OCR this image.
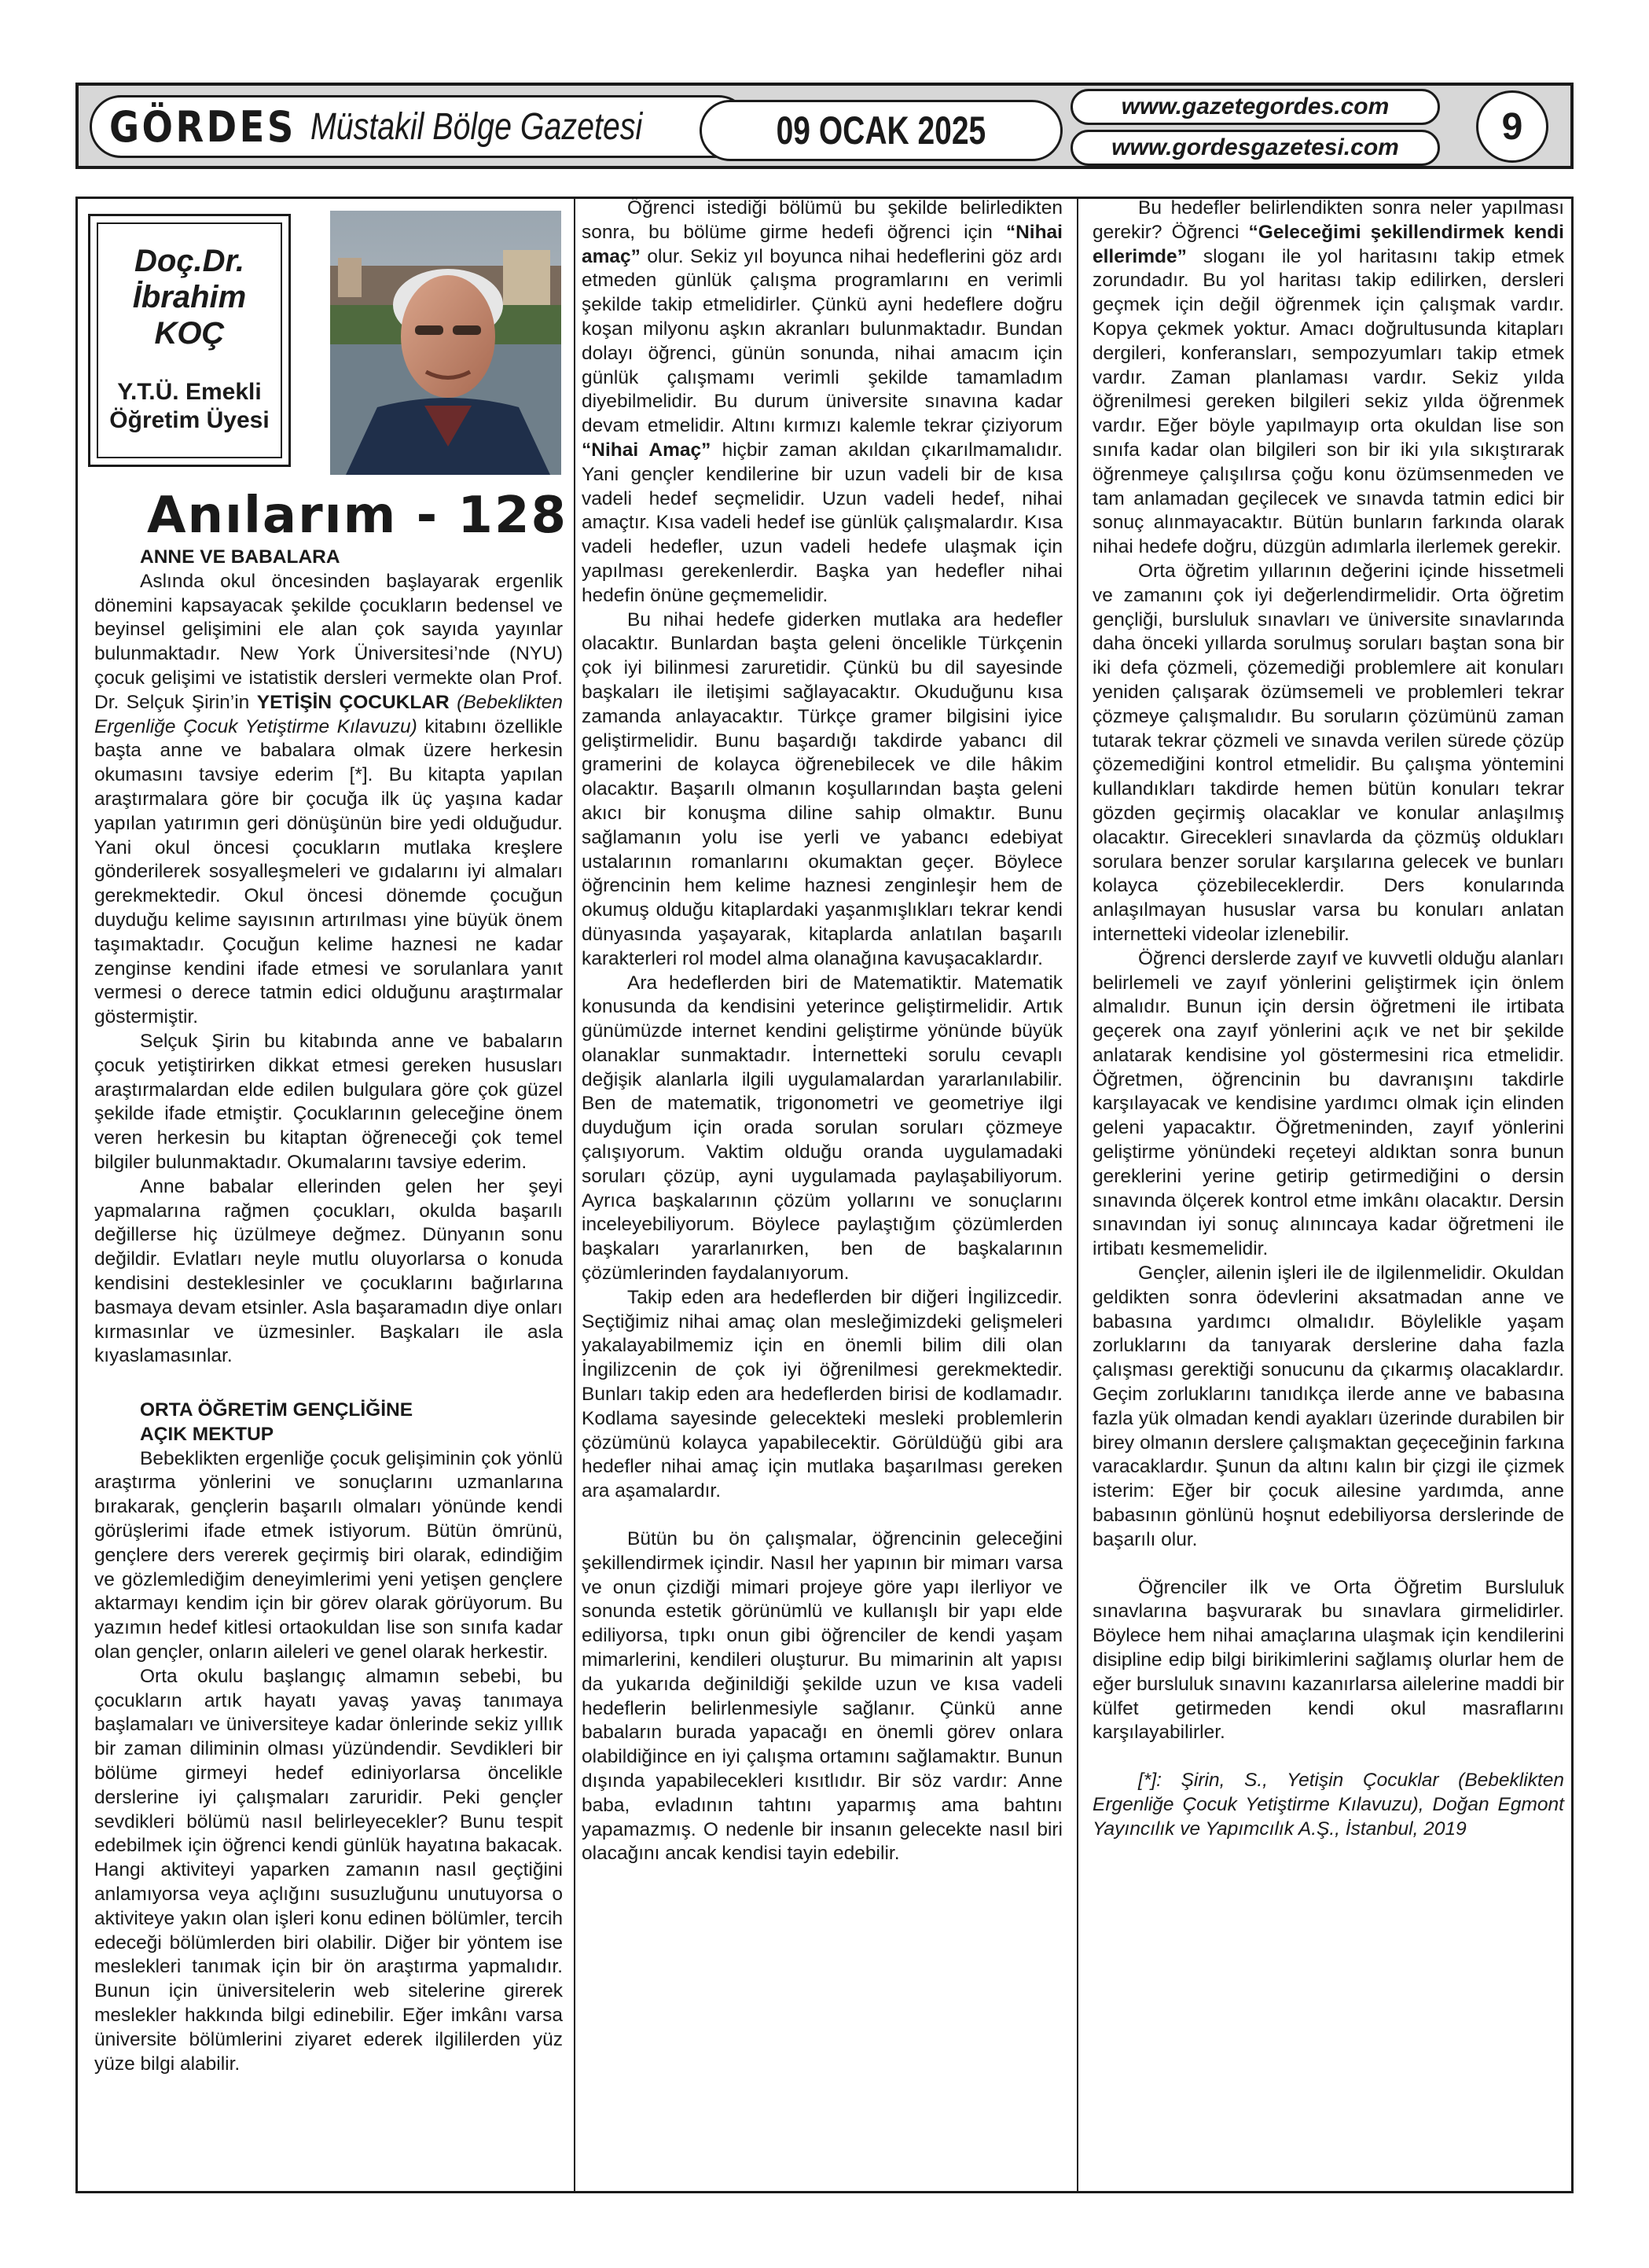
GÖRDES Müstakil Bölge Gazetesi	09 OCAK 2025
www.gazetegordes.com
www.gordesgazetesi.com	9
Doç.Dr.
İbrahim
KOÇ
Y.T.Ü. Emekli
Öğretim Üyesi
Anılarım - 128
ANNE VE BABALARA

Aslında okul öncesinden başlayarak ergenlik dönemini kapsayacak şekilde çocukların bedensel ve beyinsel gelişimini ele alan çok sayıda yayınlar bulunmaktadır. New York Üniversitesi’nde (NYU) çocuk gelişimi ve istatistik dersleri vermekte olan Prof. Dr. Selçuk Şirin’in YETİŞİN ÇOCUKLAR (Bebeklikten Ergenliğe Çocuk Yetiştirme Kılavuzu) kitabını özellikle başta anne ve babalara olmak üzere herkesin okumasını tavsiye ederim [*]. Bu kitapta yapılan araştırmalara göre bir çocuğa ilk üç yaşına kadar yapılan yatırımın geri dönüşünün bire yedi olduğudur. Yani okul öncesi çocukların mutlaka kreşlere gönderilerek sosyalleşmeleri ve gıdalarını iyi almaları gerekmektedir. Okul öncesi dönemde çocuğun duyduğu kelime sayısının artırılması yine büyük önem taşımaktadır. Çocuğun kelime haznesi ne kadar zenginse kendini ifade etmesi ve sorulanlara yanıt vermesi o derece tatmin edici olduğunu araştırmalar göstermiştir.

Selçuk Şirin bu kitabında anne ve babaların çocuk yetiştirirken dikkat etmesi gereken hususları araştırmalardan elde edilen bulgulara göre çok güzel şekilde ifade etmiştir. Çocuklarının geleceğine önem veren herkesin bu kitaptan öğreneceği çok temel bilgiler bulunmaktadır. Okumalarını tavsiye ederim.

Anne babalar ellerinden gelen her şeyi yapmalarına rağmen çocukları, okulda başarılı değillerse hiç üzülmeye değmez. Dünyanın sonu değildir. Evlatları neyle mutlu oluyorlarsa o konuda kendisini desteklesinler ve çocuklarını bağırlarına basmaya devam etsinler. Asla başaramadın diye onları kırmasınlar ve üzmesinler. Başkaları ile asla kıyaslamasınlar.

ORTA ÖĞRETİM GENÇLİĞİNE
AÇIK MEKTUP

Bebeklikten ergenliğe çocuk gelişiminin çok yönlü araştırma yönlerini ve sonuçlarını uzmanlarına bırakarak, gençlerin başarılı olmaları yönünde kendi görüşlerimi ifade etmek istiyorum. Bütün ömrünü, gençlere ders vererek geçirmiş biri olarak, edindiğim ve gözlemlediğim deneyimlerimi yeni yetişen gençlere aktarmayı kendim için bir görev olarak görüyorum. Bu yazımın hedef kitlesi ortaokuldan lise son sınıfa kadar olan gençler, onların aileleri ve genel olarak herkestir.

Orta okulu başlangıç almamın sebebi, bu çocukların artık hayatı yavaş yavaş tanımaya başlamaları ve üniversiteye kadar önlerinde sekiz yıllık bir zaman diliminin olması yüzündendir. Sevdikleri bir bölüme girmeyi hedef ediniyorlarsa öncelikle derslerine iyi çalışmaları zaruridir. Peki gençler sevdikleri bölümü nasıl belirleyecekler? Bunu tespit edebilmek için öğrenci kendi günlük hayatına bakacak. Hangi aktiviteyi yaparken zamanın nasıl geçtiğini anlamıyorsa veya açlığını susuzluğunu unutuyorsa o aktiviteye yakın olan işleri konu edinen bölümler, tercih edeceği bölümlerden biri olabilir. Diğer bir yöntem ise meslekleri tanımak için bir ön araştırma yapmalıdır. Bunun için üniversitelerin web sitelerine girerek meslekler hakkında bilgi edinebilir. Eğer imkânı varsa üniversite bölümlerini ziyaret ederek ilgililerden yüz yüze bilgi alabilir.

Öğrenci istediği bölümü bu şekilde belirledikten sonra, bu bölüme girme hedefi öğrenci için “Nihai amaç” olur. Sekiz yıl boyunca nihai hedeflerini göz ardı etmeden günlük çalışma programlarını en verimli şekilde takip etmelidirler. Çünkü ayni hedeflere doğru koşan milyonu aşkın akranları bulunmaktadır. Bundan dolayı öğrenci, günün sonunda, nihai amacım için günlük çalışmamı verimli şekilde tamamladım diyebilmelidir. Bu durum üniversite sınavına kadar devam etmelidir. Altını kırmızı kalemle tekrar çiziyorum “Nihai Amaç” hiçbir zaman akıldan çıkarılmamalıdır. Yani gençler kendilerine bir uzun vadeli bir de kısa vadeli hedef seçmelidir. Uzun vadeli hedef, nihai amaçtır. Kısa vadeli hedef ise günlük çalışmalardır. Kısa vadeli hedefler, uzun vadeli hedefe ulaşmak için yapılması gerekenlerdir. Başka yan hedefler nihai hedefin önüne geçmemelidir.

Bu nihai hedefe giderken mutlaka ara hedefler olacaktır. Bunlardan başta geleni öncelikle Türkçenin çok iyi bilinmesi zaruretidir. Çünkü bu dil sayesinde başkaları ile iletişimi sağlayacaktır. Okuduğunu kısa zamanda anlayacaktır. Türkçe gramer bilgisini iyice geliştirmelidir. Bunu başardığı takdirde yabancı dil gramerini de kolayca öğrenebilecek ve dile hâkim olacaktır. Başarılı olmanın koşullarından başta geleni akıcı bir konuşma diline sahip olmaktır. Bunu sağlamanın yolu ise yerli ve yabancı edebiyat ustalarının romanlarını okumaktan geçer. Böylece öğrencinin hem kelime haznesi zenginleşir hem de okumuş olduğu kitaplardaki yaşanmışlıkları tekrar kendi dünyasında yaşayarak, kitaplarda anlatılan başarılı karakterleri rol model alma olanağına kavuşacaklardır.

Ara hedeflerden biri de Matematiktir. Matematik konusunda da kendisini yeterince geliştirmelidir. Artık günümüzde internet kendini geliştirme yönünde büyük olanaklar sunmaktadır. İnternetteki sorulu cevaplı değişik alanlarla ilgili uygulamalardan yararlanılabilir. Ben de matematik, trigonometri ve geometriye ilgi duyduğum için orada sorulan soruları çözmeye çalışıyorum. Vaktim olduğu oranda uygulamadaki soruları çözüp, ayni uygulamada paylaşabiliyorum. Ayrıca başkalarının çözüm yollarını ve sonuçlarını inceleyebiliyorum. Böylece paylaştığım çözümlerden başkaları yararlanırken, ben de başkalarının çözümlerinden faydalanıyorum.

Takip eden ara hedeflerden bir diğeri İngilizcedir. Seçtiğimiz nihai amaç olan mesleğimizdeki gelişmeleri yakalayabilmemiz için en önemli bilim dili olan İngilizcenin de çok iyi öğrenilmesi gerekmektedir. Bunları takip eden ara hedeflerden birisi de kodlamadır. Kodlama sayesinde gelecekteki mesleki problemlerin çözümünü kolayca yapabilecektir. Görüldüğü gibi ara hedefler nihai amaç için mutlaka başarılması gereken ara aşamalardır.

Bütün bu ön çalışmalar, öğrencinin geleceğini şekillendirmek içindir. Nasıl her yapının bir mimarı varsa ve onun çizdiği mimari projeye göre yapı ilerliyor ve sonunda estetik görünümlü ve kullanışlı bir yapı elde ediliyorsa, tıpkı onun gibi öğrenciler de kendi yaşam mimarlerini, kendileri oluşturur. Bu mimarinin alt yapısı da yukarıda değinildiği şekilde uzun ve kısa vadeli hedeflerin belirlenmesiyle sağlanır. Çünkü anne babaların burada yapacağı en önemli görev onlara olabildiğince en iyi çalışma ortamını sağlamaktır. Bunun dışında yapabilecekleri kısıtlıdır. Bir söz vardır: Anne baba, evladının tahtını yaparmış ama bahtını yapamazmış. O nedenle bir insanın gelecekte nasıl biri olacağını ancak kendisi tayin edebilir.

Bu hedefler belirlendikten sonra neler yapılması gerekir? Öğrenci “Geleceğimi şekillendirmek kendi ellerimde” sloganı ile yol haritasını takip etmek zorundadır. Bu yol haritası takip edilirken, dersleri geçmek için değil öğrenmek için çalışmak vardır. Kopya çekmek yoktur. Amacı doğrultusunda kitapları dergileri, konferansları, sempozyumları takip etmek vardır. Zaman planlaması vardır. Sekiz yılda öğrenilmesi gereken bilgileri sekiz yılda öğrenmek vardır. Eğer böyle yapılmayıp orta okuldan lise son sınıfa kadar olan bilgileri son bir iki yıla sıkıştırarak öğrenmeye çalışılırsa çoğu konu özümsenmeden ve tam anlamadan geçilecek ve sınavda tatmin edici bir sonuç alınmayacaktır. Bütün bunların farkında olarak nihai hedefe doğru, düzgün adımlarla ilerlemek gerekir.

Orta öğretim yıllarının değerini içinde hissetmeli ve zamanını çok iyi değerlendirmelidir. Orta öğretim gençliği, bursluluk sınavları ve üniversite sınavlarında daha önceki yıllarda sorulmuş soruları baştan sona bir iki defa çözmeli, çözemediği problemlere ait konuları yeniden çalışarak özümsemeli ve problemleri tekrar çözmeye çalışmalıdır. Bu soruların çözümünü zaman tutarak tekrar çözmeli ve sınavda verilen sürede çözüp çözemediğini kontrol etmelidir. Bu çalışma yöntemini kullandıkları takdirde hemen bütün konuları tekrar gözden geçirmiş olacaklar ve konular anlaşılmış olacaktır. Girecekleri sınavlarda da çözmüş oldukları sorulara benzer sorular karşılarına gelecek ve bunları kolayca çözebileceklerdir. Ders konularında anlaşılmayan hususlar varsa bu konuları anlatan internetteki videolar izlenebilir.

Öğrenci derslerde zayıf ve kuvvetli olduğu alanları belirlemeli ve zayıf yönlerini geliştirmek için önlem almalıdır. Bunun için dersin öğretmeni ile irtibata geçerek ona zayıf yönlerini açık ve net bir şekilde anlatarak kendisine yol göstermesini rica etmelidir. Öğretmen, öğrencinin bu davranışını takdirle karşılayacak ve kendisine yardımcı olmak için elinden geleni yapacaktır. Öğretmeninden, zayıf yönlerini geliştirme yönündeki reçeteyi aldıktan sonra bunun gereklerini yerine getirip getirmediğini o dersin sınavında ölçerek kontrol etme imkânı olacaktır. Dersin sınavından iyi sonuç alınıncaya kadar öğretmeni ile irtibatı kesmemelidir.

Gençler, ailenin işleri ile de ilgilenmelidir. Okuldan geldikten sonra ödevlerini aksatmadan anne ve babasına yardımcı olmalıdır. Böylelikle yaşam zorluklarını da tanıyarak derslerine daha fazla çalışması gerektiği sonucunu da çıkarmış olacaklardır. Geçim zorluklarını tanıdıkça ilerde anne ve babasına fazla yük olmadan kendi ayakları üzerinde durabilen bir birey olmanın derslere çalışmaktan geçeceğinin farkına varacaklardır. Şunun da altını kalın bir çizgi ile çizmek isterim: Eğer bir çocuk ailesine yardımda, anne babasının gönlünü hoşnut edebiliyorsa derslerinde de başarılı olur.

Öğrenciler ilk ve Orta Öğretim Bursluluk sınavlarına başvurarak bu sınavlara girmelidirler. Böylece hem nihai amaçlarına ulaşmak için kendilerini disipline edip bilgi birikimlerini sağlamış olurlar hem de eğer bursluluk sınavını kazanırlarsa ailelerine maddi bir külfet getirmeden kendi okul masraflarını karşılayabilirler.

[*]: Şirin, S., Yetişin Çocuklar (Bebeklikten Ergenliğe Çocuk Yetiştirme Kılavuzu), Doğan Egmont Yayıncılık ve Yapımcılık A.Ş., İstanbul, 2019
